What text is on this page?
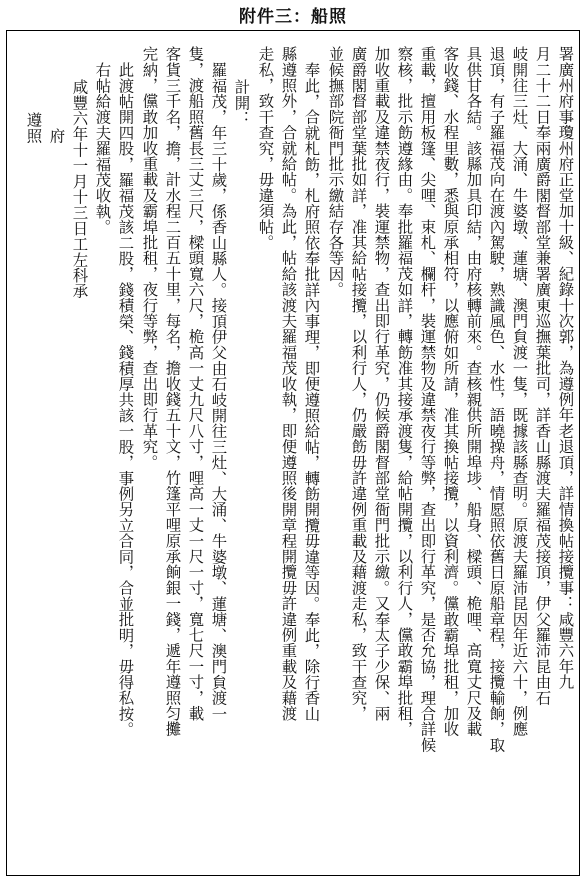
附件三：船照
署廣州府事瓊州府正堂加十級、紀錄十次郭，為遵例年老退頂，詳情換帖接攬事：咸豐六年九
月二十二日奉兩廣爵閣督部堂兼署廣東巡撫葉批司，詳香山縣渡夫羅福茂接頂，伊父羅沛昆由石
岐開往三灶、大涌、牛婆墩、蓮塘、澳門貟渡一隻，既據該縣查明。原渡夫羅沛昆因年近六十，例應
退頂，有子羅福茂向在渡內駕駛，熟識風色、水性，語曉操舟，情愿照依舊日原船章程，接攬輸餉，取
具供甘各結。該縣加具印結，由府核轉前來。查核親供所開埠埗、船身、樑頭、桅哩、高寬丈尺及載
客收錢、水程里數，悉與原承相符，以應俯如所請，准其換帖接攬，以資利濟。儻敢霸埠批租，加收
重載，擅用板篷、尖哩、束札、欄杆，裝運禁物及違禁夜行等弊，查出即行革究，是否允協，理合詳候
察核，批示飭遵緣由。奉批羅福茂如詳，轉飭准其接承渡隻，給帖開攬，以利行人，儻敢霸埠批租，
加收重載及違禁夜行，裝運禁物，查出即行革究，仍候爵閣督部堂衙門批示繳。又奉太子少保、兩
廣爵閣督部堂葉批如詳，准其給帖接攬，以利行人，仍嚴飭毋許違例重載及藉渡走私，致干查究，
並候撫部院衙門批示繳結存各等因。
奉此，合就札飭，札府照依奉批詳內事理，即便遵照給帖，轉飭開攬毋違等因。奉此，除行香山
縣遵照外，合就給帖。為此，帖給該渡夫羅福茂收執，即便遵照後開章程開攬毋許違例重載及藉渡
走私，致干查究，毋違須帖。
計開：
羅福茂，年三十歲，係香山縣人。接頂伊父由石岐開往三灶、大涌、牛婆墩、蓮塘、澳門貟渡一
隻，渡船照舊長三丈三尺，樑頭寬六尺，桅高一丈九尺八寸，哩高一丈一尺一寸，寬七尺一寸，載
客貨三千名，擔，計水程二百五十里，每名，擔收錢五十文，竹篷平哩原承餉銀一錢，遞年遵照匀攤
完納，儻敢加收重載及霸埠批租，夜行等弊，查出即行革究。
此渡帖開四股，羅福茂該二股，錢積榮、錢積厚共該一股，事例另立合同，合並批明，毋得私按。
右帖給渡夫羅福茂收執。
咸豐六年十一月十三日工左科承
府
遵照
